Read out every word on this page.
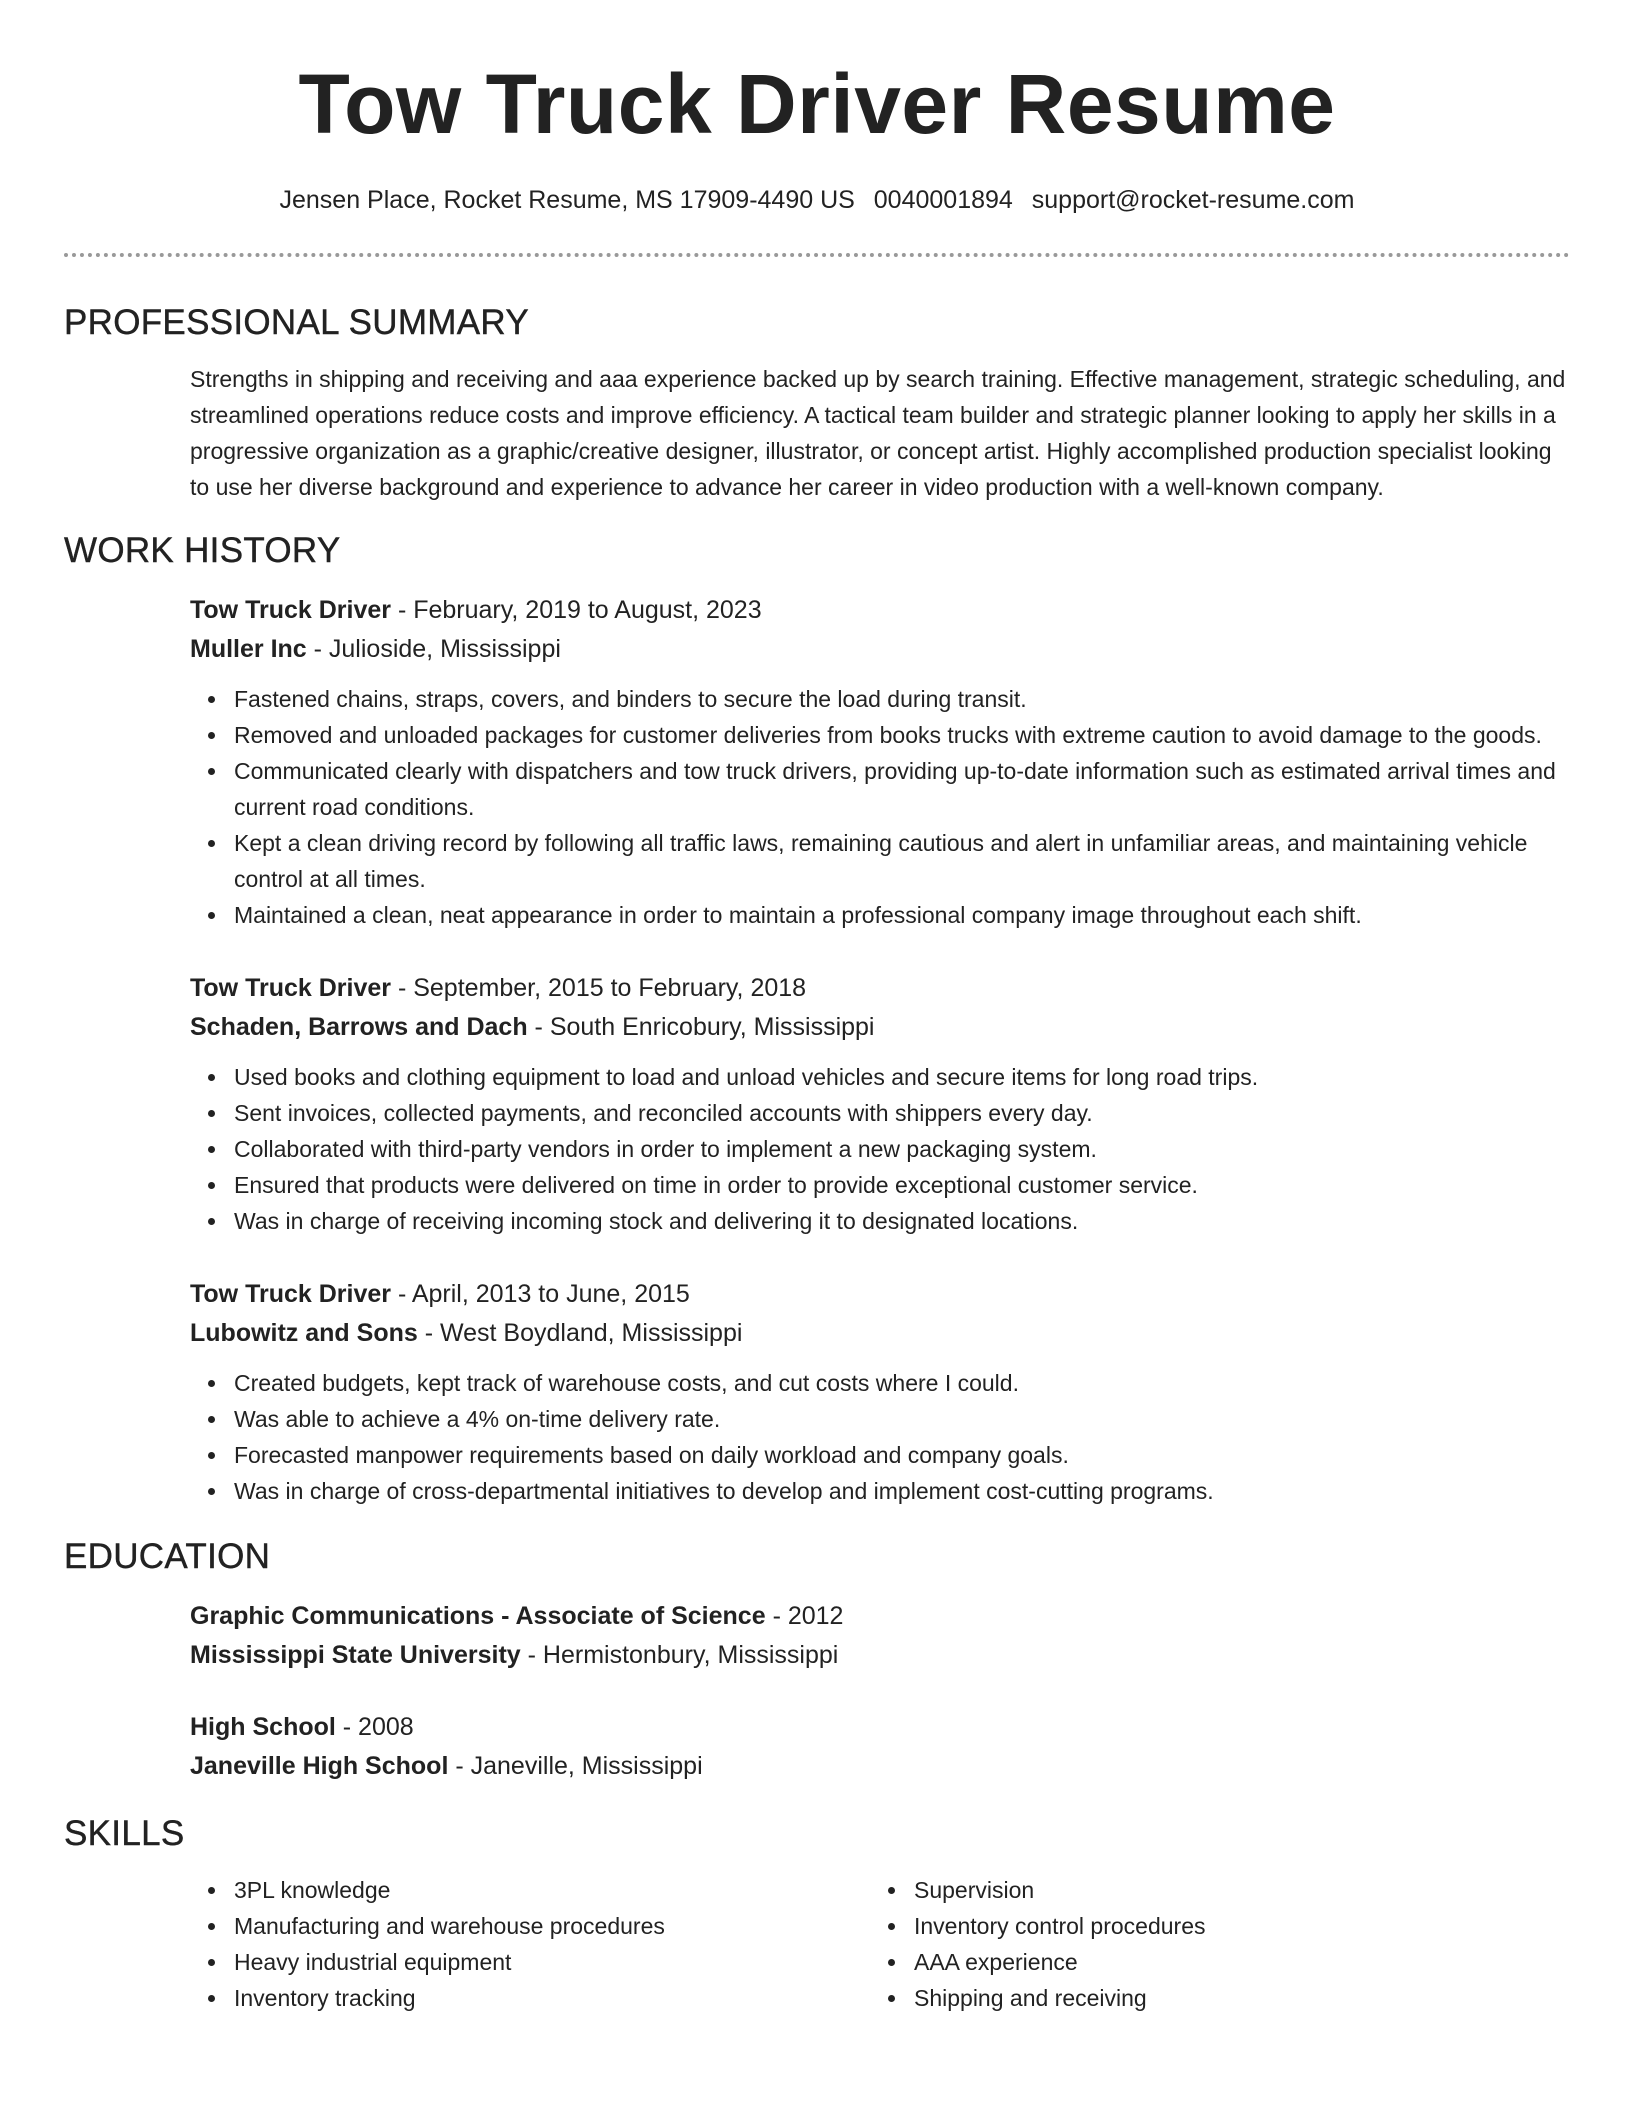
Tow Truck Driver Resume
Jensen Place, Rocket Resume, MS 17909-4490 US 0040001894 support@rocket-resume.com
PROFESSIONAL SUMMARY

Strengths in shipping and receiving and aaa experience backed up by search training. Effective management, strategic scheduling, and streamlined operations reduce costs and improve efficiency. A tactical team builder and strategic planner looking to apply her skills in a progressive organization as a graphic/creative designer, illustrator, or concept artist. Highly accomplished production specialist looking to use her diverse background and experience to advance her career in video production with a well-known company.

WORK HISTORY
Tow Truck Driver - February, 2019 to August, 2023
Muller Inc - Julioside, Mississippi
Fastened chains, straps, covers, and binders to secure the load during transit.
Removed and unloaded packages for customer deliveries from books trucks with extreme caution to avoid damage to the goods.
Communicated clearly with dispatchers and tow truck drivers, providing up-to-date information such as estimated arrival times and current road conditions.
Kept a clean driving record by following all traffic laws, remaining cautious and alert in unfamiliar areas, and maintaining vehicle control at all times.
Maintained a clean, neat appearance in order to maintain a professional company image throughout each shift.
Tow Truck Driver - September, 2015 to February, 2018
Schaden, Barrows and Dach - South Enricobury, Mississippi
Used books and clothing equipment to load and unload vehicles and secure items for long road trips.
Sent invoices, collected payments, and reconciled accounts with shippers every day.
Collaborated with third-party vendors in order to implement a new packaging system.
Ensured that products were delivered on time in order to provide exceptional customer service.
Was in charge of receiving incoming stock and delivering it to designated locations.
Tow Truck Driver - April, 2013 to June, 2015
Lubowitz and Sons - West Boydland, Mississippi
Created budgets, kept track of warehouse costs, and cut costs where I could.
Was able to achieve a 4% on-time delivery rate.
Forecasted manpower requirements based on daily workload and company goals.
Was in charge of cross-departmental initiatives to develop and implement cost-cutting programs.
EDUCATION
Graphic Communications - Associate of Science - 2012
Mississippi State University - Hermistonbury, Mississippi
High School - 2008
Janeville High School - Janeville, Mississippi
SKILLS
3PL knowledge
Manufacturing and warehouse procedures
Heavy industrial equipment
Inventory tracking
Supervision
Inventory control procedures
AAA experience
Shipping and receiving
